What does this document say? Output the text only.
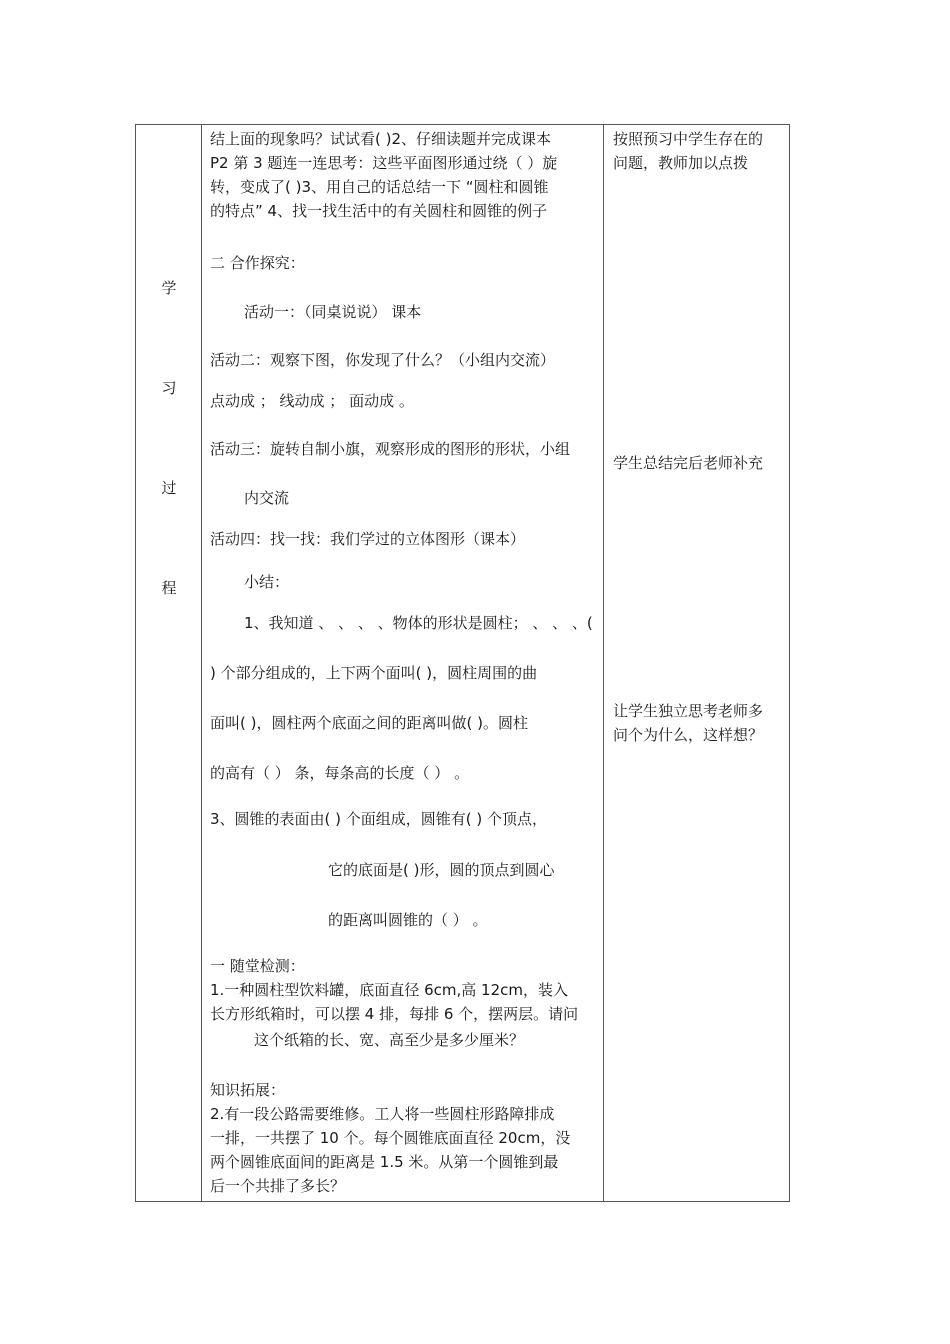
学
习
过
程
结上面的现象吗？试试看( )2、仔细读题并完成课本
P2 第 3 题连一连思考：这些平面图形通过绕（ ）旋
转，变成了( )3、用自己的话总结一下 “圆柱和圆锥
的特点” 4、找一找生活中的有关圆柱和圆锥的例子
二 合作探究：
活动一：（同桌说说） 课本
活动二：观察下图，你发现了什么？（小组内交流）
点动成 ； 线动成 ； 面动成 。
活动三：旋转自制小旗，观察形成的图形的形状，小组
内交流
活动四：找一找：我们学过的立体图形（课本）
小结：
1、我知道 、 、 、 、物体的形状是圆柱； 、 、 、(
) 个部分组成的，上下两个面叫( )，圆柱周围的曲
面叫( )，圆柱两个底面之间的距离叫做( )。圆柱
的高有（ ） 条，每条高的长度（ ） 。
3、圆锥的表面由( ) 个面组成，圆锥有( ) 个顶点，
它的底面是( )形，圆的顶点到圆心
的距离叫圆锥的（ ） 。
一 随堂检测：
1.一种圆柱型饮料罐，底面直径 6cm,高 12cm，装入
长方形纸箱时，可以摆 4 排，每排 6 个，摆两层。请问
这个纸箱的长、宽、高至少是多少厘米？
知识拓展：
2.有一段公路需要维修。工人将一些圆柱形路障排成
一排，一共摆了 10 个。每个圆锥底面直径 20cm，没
两个圆锥底面间的距离是 1.5 米。从第一个圆锥到最
后一个共排了多长？
按照预习中学生存在的
问题，教师加以点拨
学生总结完后老师补充
让学生独立思考老师多
问个为什么，这样想？
